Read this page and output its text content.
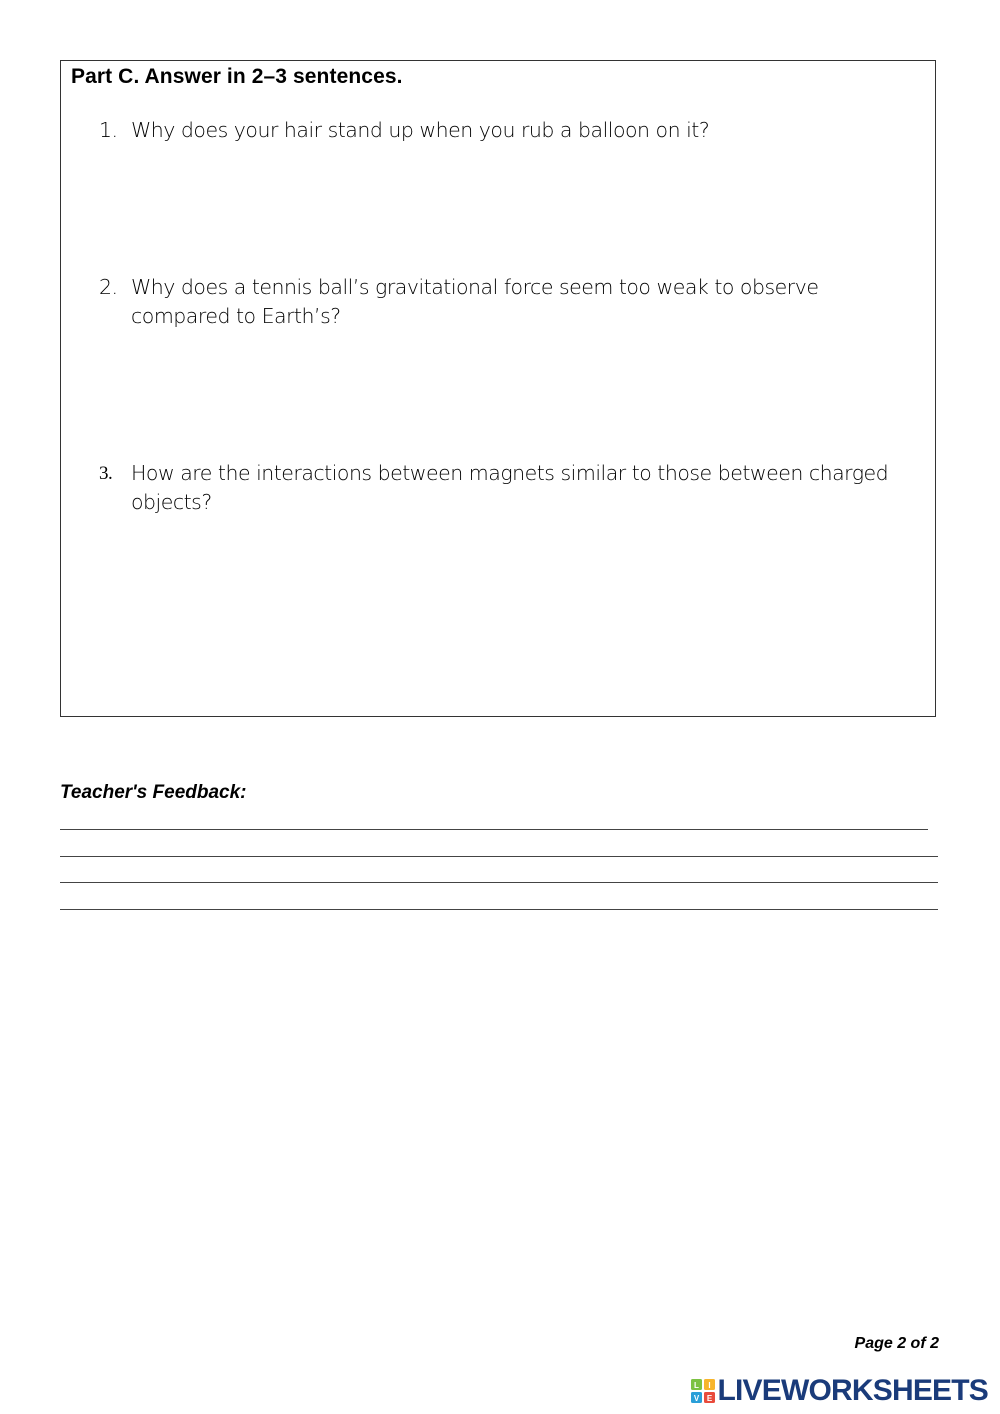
Part C. Answer in 2–3 sentences.
1. Why does your hair stand up when you rub a balloon on it?
2. Why does a tennis ball’s gravitational force seem too weak to observe compared to Earth’s?
3. How are the interactions between magnets similar to those between charged objects?
Teacher's Feedback:
Page 2 of 2
L I
V E LIVEWORKSHEETS
